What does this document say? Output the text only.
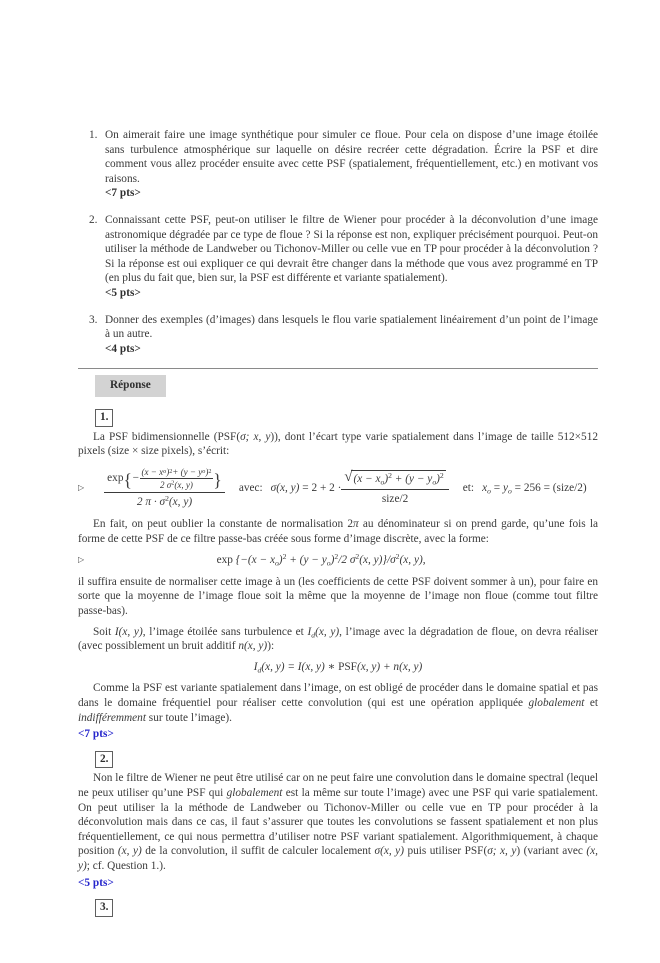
1. On aimerait faire une image synthétique pour simuler ce floue. Pour cela on dispose d’une image étoilée sans turbulence atmosphérique sur laquelle on désire recréer cette dégradation. Écrire la PSF et dire comment vous allez procéder ensuite avec cette PSF (spatialement, fréquentiellement, etc.) en motivant vos raisons.
<7 pts>
2. Connaissant cette PSF, peut-on utiliser le filtre de Wiener pour procéder à la déconvolution d’une image astronomique dégradée par ce type de floue ? Si la réponse est non, expliquer précisément pourquoi. Peut-on utiliser la méthode de Landweber ou Tichonov-Miller ou celle vue en TP pour procéder à la déconvolution ? Si la réponse est oui expliquer ce qui devrait être changer dans la méthode que vous avez programmé en TP (en plus du fait que, bien sur, la PSF est différente et variante spatialement).
<5 pts>
3. Donner des exemples (d’images) dans lesquels le flou varie spatialement linéairement d’un point de l’image à un autre.
<4 pts>
Réponse
1.

La PSF bidimensionnelle (PSF(σ; x, y)), dont l’écart type varie spatialement dans l’image de taille 512×512 pixels (size × size pixels), s’écrit:

▷
exp { − $\frac{\text{(x − x o ) 2 + (y − y o ) 2}}{2 \sigma^2(x, y)}$ }
2 $\pi \cdot \sigma^2(x$, y)
avec: σ(x, $y) = 2 + 2 \cdot \frac{√ (x - x_o)^2 + (y - y_o)^2}{\text{size/2}}$ et: $x_o = y_o = 256$ = (size/2)

En fait, on peut oublier la constante de normalisation 2π au dénominateur si on prend garde, qu’une fois la forme de cette PSF de ce filtre passe-bas créée sous forme d’image discrète, avec la forme:

▷	$\exp \{-(x - x_o)^2 + (y - y_o)^2/2$ $\sigma^2(x$, $y)\}/\sigma^2(x$, y),

il suffira ensuite de normaliser cette image à un (les coefficients de cette PSF doivent sommer à un), pour faire en sorte que la moyenne de l’image floue soit la même que la moyenne de l’image non floue (comme tout filtre passe-bas).

Soit I(x, y), l’image étoilée sans turbulence et $I_d(x$, y), l’image avec la dégradation de floue, on devra réaliser (avec possiblement un bruit additif n(x, y)):

$I_d(x$, y) = I(x, y) ∗ PSF(x, y) + n(x, y)

Comme la PSF est variante spatialement dans l’image, on est obligé de procéder dans le domaine spatial et pas dans le domaine fréquentiel pour réaliser cette convolution (qui est une opération appliquée globalement et indifféremment sur toute l’image).

<7 pts>
2.

Non le filtre de Wiener ne peut être utilisé car on ne peut faire une convolution dans le domaine spectral (lequel ne peux utiliser qu’une PSF qui globalement est la même sur toute l’image) avec une PSF qui varie spatialement. On peut utiliser la la méthode de Landweber ou Tichonov-Miller ou celle vue en TP pour procéder à la déconvolution mais dans ce cas, il faut s’assurer que toutes les convolutions se fassent spatialement et non plus fréquentiellement, ce qui nous permettra d’utiliser notre PSF variant spatialement. Algorithmiquement, à chaque position (x, y) de la convolution, il suffit de calculer localement σ(x, y) puis utiliser PSF(σ; x, y) (variant avec (x, y); cf. Question 1.).

<5 pts>
3.
